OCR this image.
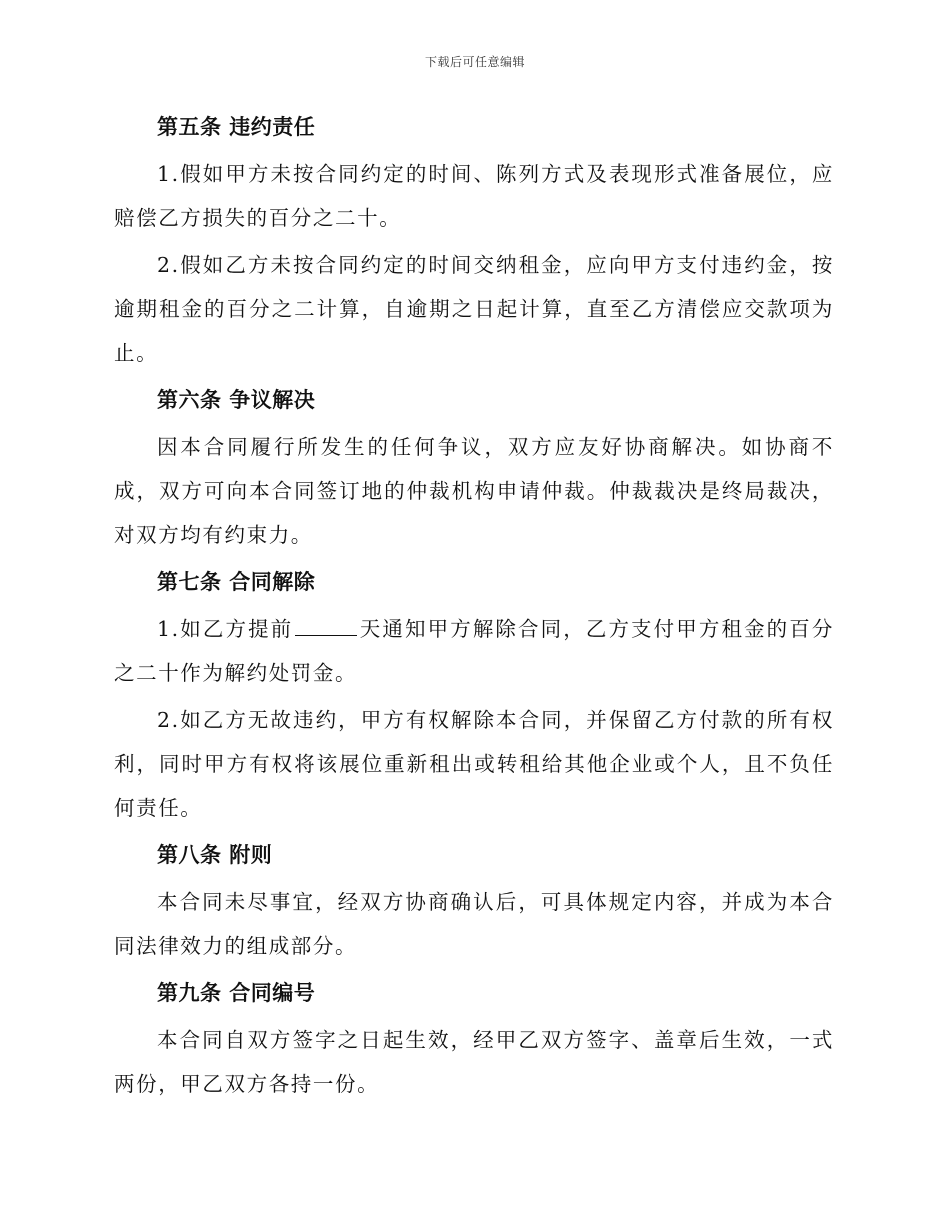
下载后可任意编辑

第五条 违约责任

1.假如甲方未按合同约定的时间、陈列方式及表现形式准备展位，应赔偿乙方损失的百分之二十。

2.假如乙方未按合同约定的时间交纳租金，应向甲方支付违约金，按逾期租金的百分之二计算，自逾期之日起计算，直至乙方清偿应交款项为止。

第六条 争议解决

因本合同履行所发生的任何争议，双方应友好协商解决。如协商不成，双方可向本合同签订地的仲裁机构申请仲裁。仲裁裁决是终局裁决，对双方均有约束力。

第七条 合同解除

1.如乙方提前	天通知甲方解除合同，乙方支付甲方租金的百分之二十作为解约处罚金。

2.如乙方无故违约，甲方有权解除本合同，并保留乙方付款的所有权利，同时甲方有权将该展位重新租出或转租给其他企业或个人，且不负任何责任。

第八条 附则

本合同未尽事宜，经双方协商确认后，可具体规定内容，并成为本合同法律效力的组成部分。

第九条 合同编号

本合同自双方签字之日起生效，经甲乙双方签字、盖章后生效，一式两份，甲乙双方各持一份。
